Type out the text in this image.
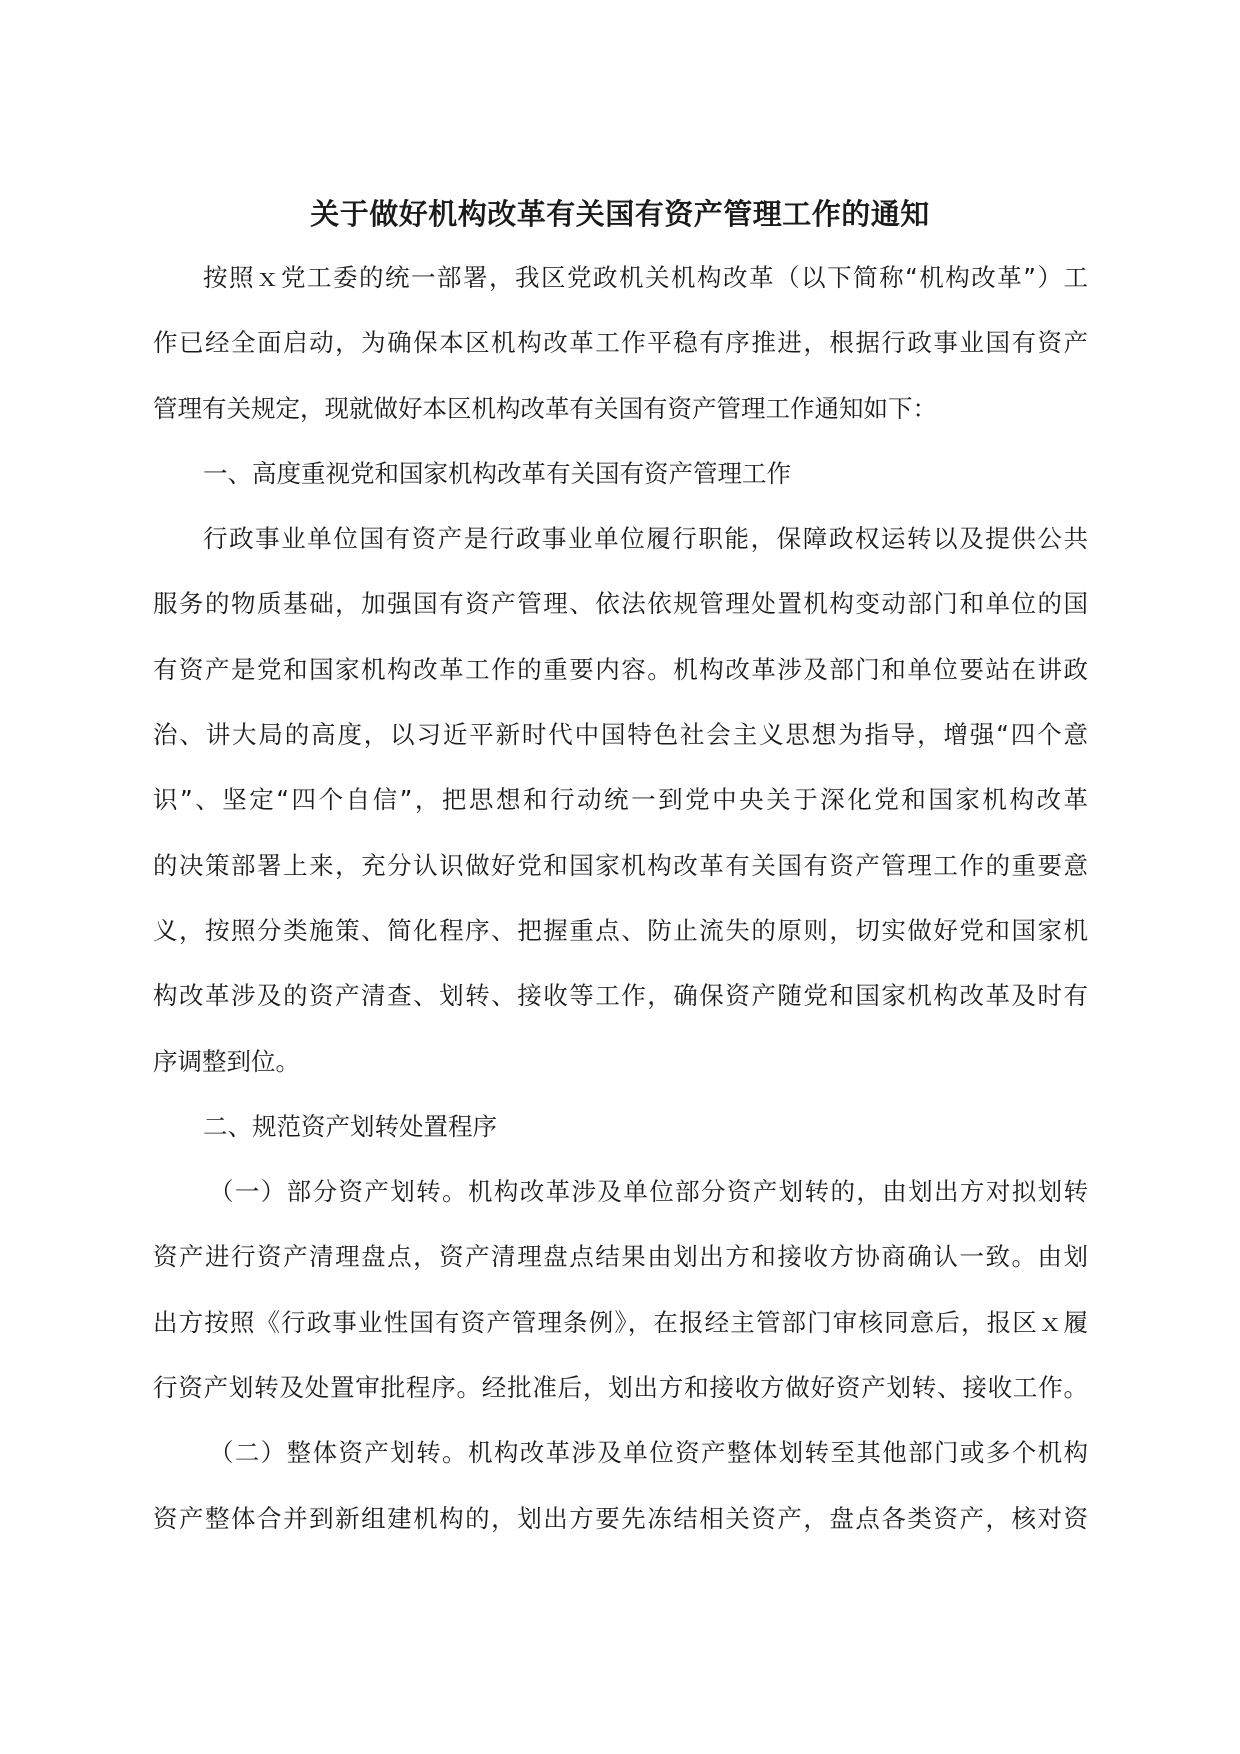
关于做好机构改革有关国有资产管理工作的通知
按照ｘ党工委的统一部署，我区党政机关机构改革（以下简称“机构改革”）工
作已经全面启动，为确保本区机构改革工作平稳有序推进，根据行政事业国有资产
管理有关规定，现就做好本区机构改革有关国有资产管理工作通知如下：
一、高度重视党和国家机构改革有关国有资产管理工作
行政事业单位国有资产是行政事业单位履行职能，保障政权运转以及提供公共
服务的物质基础，加强国有资产管理、依法依规管理处置机构变动部门和单位的国
有资产是党和国家机构改革工作的重要内容。机构改革涉及部门和单位要站在讲政
治、讲大局的高度，以习近平新时代中国特色社会主义思想为指导，增强“四个意
识”、坚定“四个自信”，把思想和行动统一到党中央关于深化党和国家机构改革
的决策部署上来，充分认识做好党和国家机构改革有关国有资产管理工作的重要意
义，按照分类施策、简化程序、把握重点、防止流失的原则，切实做好党和国家机
构改革涉及的资产清查、划转、接收等工作，确保资产随党和国家机构改革及时有
序调整到位。
二、规范资产划转处置程序
（一）部分资产划转。机构改革涉及单位部分资产划转的，由划出方对拟划转
资产进行资产清理盘点，资产清理盘点结果由划出方和接收方协商确认一致。由划
出方按照《行政事业性国有资产管理条例》，在报经主管部门审核同意后，报区ｘ履
行资产划转及处置审批程序。经批准后，划出方和接收方做好资产划转、接收工作。
（二）整体资产划转。机构改革涉及单位资产整体划转至其他部门或多个机构
资产整体合并到新组建机构的，划出方要先冻结相关资产，盘点各类资产，核对资
